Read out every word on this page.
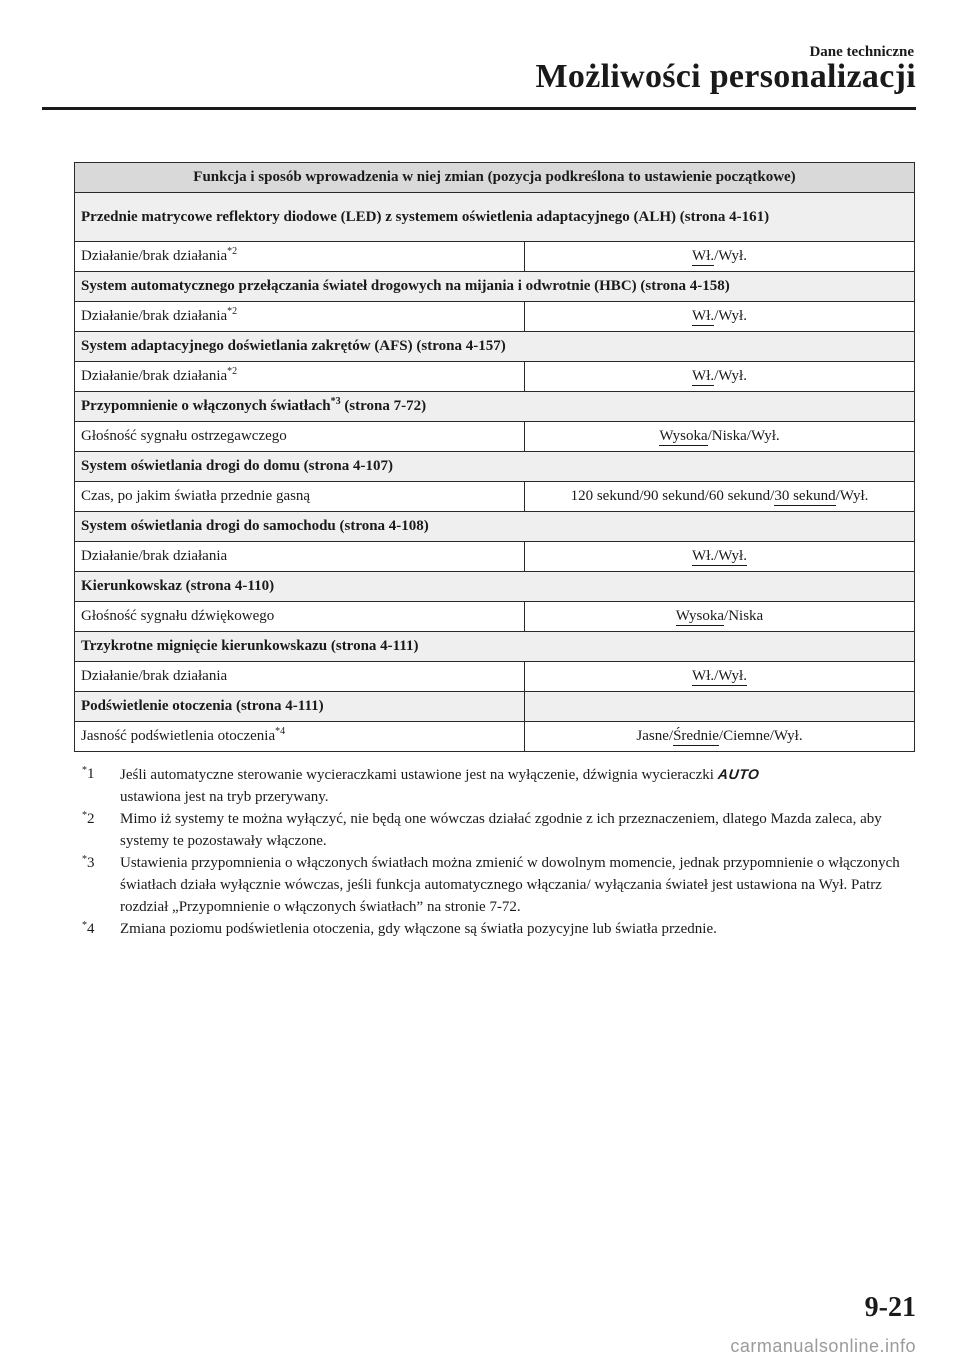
Dane techniczne
Możliwości personalizacji
Funkcja i sposób wprowadzenia w niej zmian (pozycja podkreślona to ustawienie początkowe)	
Przednie matrycowe reflektory diodowe (LED) z systemem oświetlenia adaptacyjnego (ALH) (strona 4-161)	
Działanie/brak działania$^{*2}$	Wł./Wył.
System automatycznego przełączania świateł drogowych na mijania i odwrotnie (HBC) (strona 4-158)	
Działanie/brak działania$^{*2}$	Wł./Wył.
System adaptacyjnego doświetlania zakrętów (AFS) (strona 4-157)	
Działanie/brak działania$^{*2}$	Wł./Wył.
Przypomnienie o włączonych światłach$^{*3}$ (strona 7-72)	
Głośność sygnału ostrzegawczego	Wysoka/Niska/Wył.
System oświetlania drogi do domu (strona 4-107)	
Czas, po jakim światła przednie gasną	120 sekund/90 sekund/60 sekund/30 sekund/Wył.
System oświetlania drogi do samochodu (strona 4-108)	
Działanie/brak działania	Wł./Wył.
Kierunkowskaz (strona 4-110)	
Głośność sygnału dźwiękowego	Wysoka/Niska
Trzykrotne mignięcie kierunkowskazu (strona 4-111)	
Działanie/brak działania	Wł./Wył.
Podświetlenie otoczenia (strona 4-111)	
Jasność podświetlenia otoczenia$^{*4}$	Jasne/Średnie/Ciemne/Wył.
*1 Jeśli automatyczne sterowanie wycieraczkami ustawione jest na wyłączenie, dźwignia wycieraczki AUTO
ustawiona jest na tryb przerywany.
*2 Mimo iż systemy te można wyłączyć, nie będą one wówczas działać zgodnie z ich przeznaczeniem, dlatego Mazda zaleca, aby systemy te pozostawały włączone.
*3 Ustawienia przypomnienia o włączonych światłach można zmienić w dowolnym momencie, jednak przypomnienie o włączonych światłach działa wyłącznie wówczas, jeśli funkcja automatycznego włączania/ wyłączania świateł jest ustawiona na Wył. Patrz rozdział „Przypomnienie o włączonych światłach” na stronie 7-72.
*4 Zmiana poziomu podświetlenia otoczenia, gdy włączone są światła pozycyjne lub światła przednie.
9-21
carmanualsonline.info
